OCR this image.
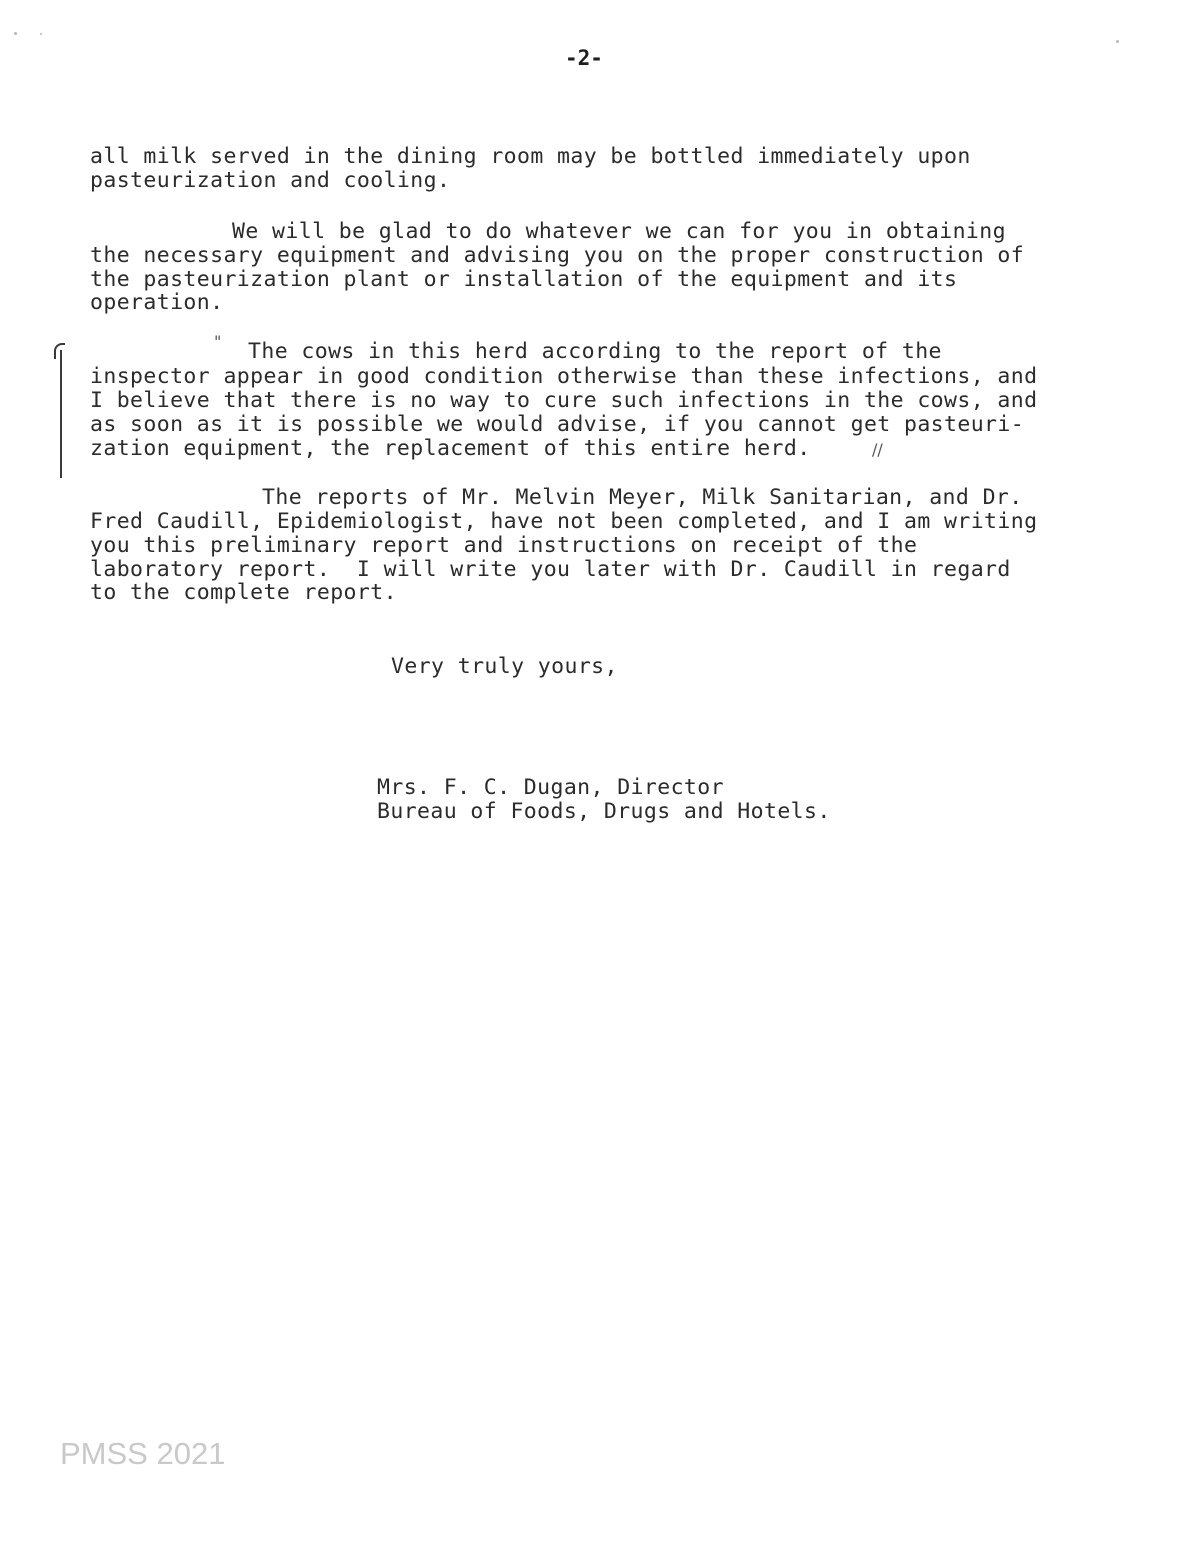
-2-
all milk served in the dining room may be bottled immediately upon
pasteurization and cooling.
We will be glad to do whatever we can for you in obtaining
the necessary equipment and advising you on the proper construction of
the pasteurization plant or installation of the equipment and its
operation.
" The cows in this herd according to the report of the
inspector appear in good condition otherwise than these infections, and
I believe that there is no way to cure such infections in the cows, and
as soon as it is possible we would advise, if you cannot get pasteuri-
zation equipment, the replacement of this entire herd.	//
The reports of Mr. Melvin Meyer, Milk Sanitarian, and Dr.
Fred Caudill, Epidemiologist, have not been completed, and I am writing
you this preliminary report and instructions on receipt of the
laboratory report.  I will write you later with Dr. Caudill in regard
to the complete report.
Very truly yours,
Mrs. F. C. Dugan, Director
Bureau of Foods, Drugs and Hotels.
PMSS 2021
